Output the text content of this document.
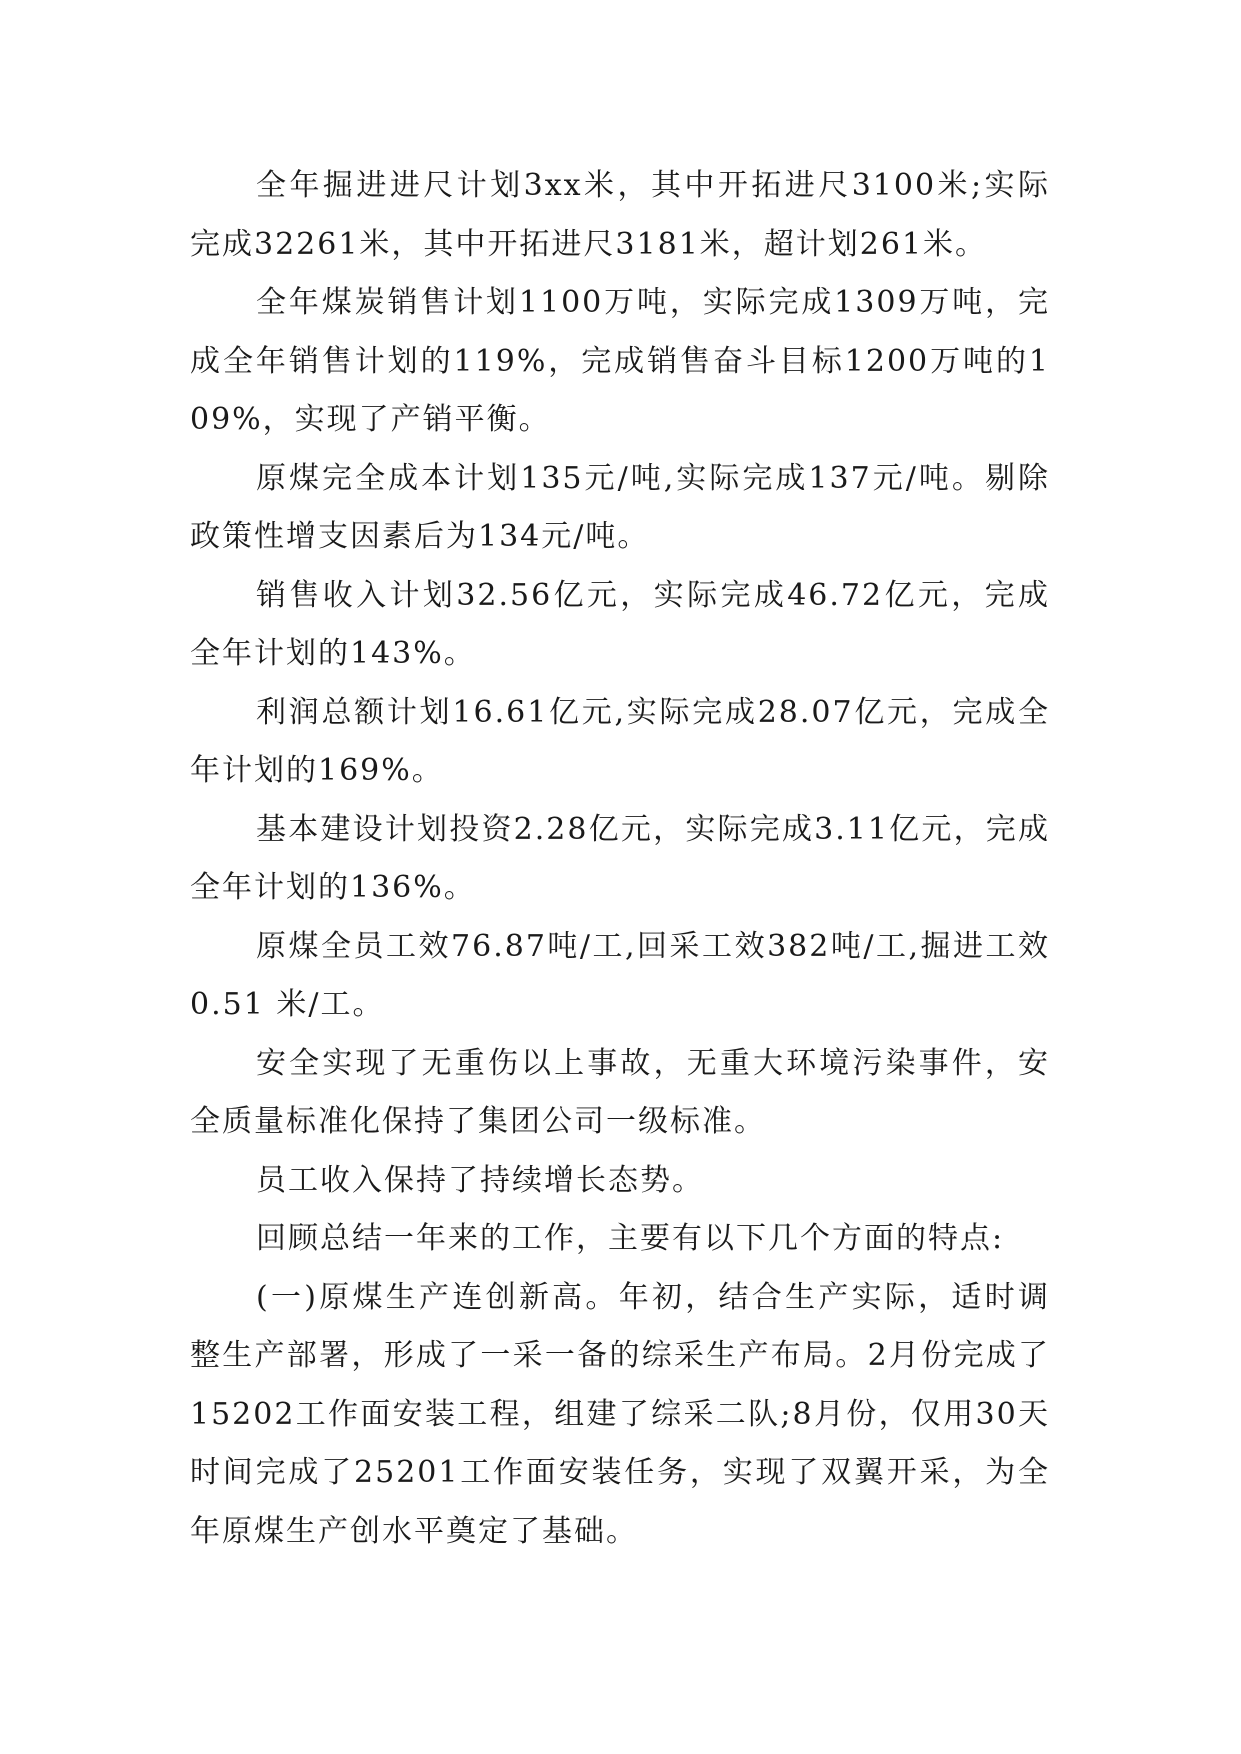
全年掘进进尺计划3xx米，其中开拓进尺3100米;实际完成32261米，其中开拓进尺3181米，超计划261米。

全年煤炭销售计划1100万吨，实际完成1309万吨，完成全年销售计划的119%，完成销售奋斗目标1200万吨的109%，实现了产销平衡。

原煤完全成本计划135元/吨,实际完成137元/吨。剔除政策性增支因素后为134元/吨。

销售收入计划32.56亿元，实际完成46.72亿元，完成全年计划的143%。

利润总额计划16.61亿元,实际完成28.07亿元，完成全年计划的169%。

基本建设计划投资2.28亿元，实际完成3.11亿元，完成全年计划的136%。

原煤全员工效76.87吨/工,回采工效382吨/工,掘进工效0.51 米/工。

安全实现了无重伤以上事故，无重大环境污染事件，安全质量标准化保持了集团公司一级标准。

员工收入保持了持续增长态势。

回顾总结一年来的工作，主要有以下几个方面的特点:

(一)原煤生产连创新高。年初，结合生产实际，适时调整生产部署，形成了一采一备的综采生产布局。2月份完成了15202工作面安装工程，组建了综采二队;8月份，仅用30天时间完成了25201工作面安装任务，实现了双翼开采，为全年原煤生产创水平奠定了基础。
